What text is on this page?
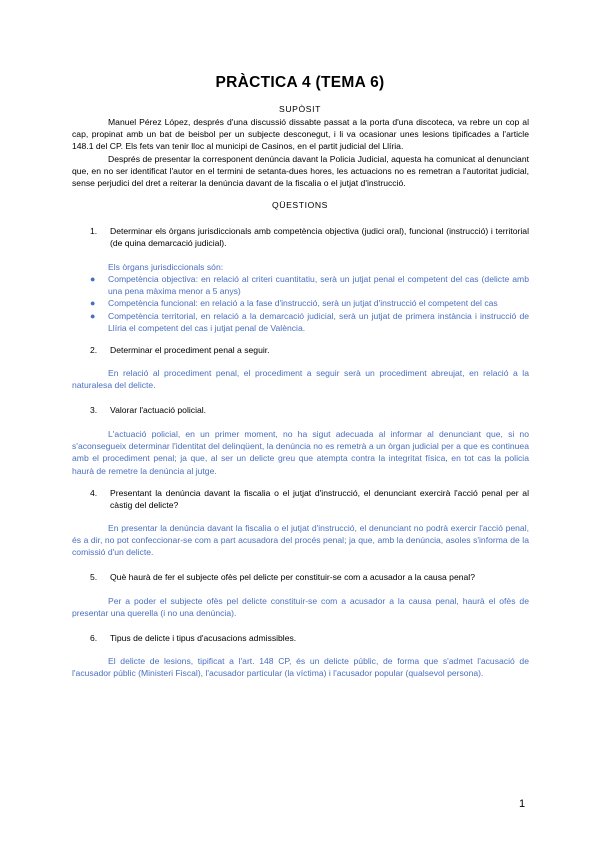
PRÀCTICA 4 (TEMA 6)
SUPÒSIT

Manuel Pérez López, després d'una discussió dissabte passat a la porta d'una discoteca, va rebre un cop al cap, propinat amb un bat de beisbol per un subjecte desconegut, i li va ocasionar unes lesions tipificades a l'article 148.1 del CP. Els fets van tenir lloc al municipi de Casinos, en el partit judicial del Llíria.

Després de presentar la corresponent denúncia davant la Policia Judicial, aquesta ha comunicat al denunciant que, en no ser identificat l'autor en el termini de setanta-dues hores, les actuacions no es remetran a l'autoritat judicial, sense perjudici del dret a reiterar la denúncia davant de la fiscalia o el jutjat d'instrucció.

QÜESTIONS
1.	Determinar els òrgans jurisdiccionals amb competència objectiva (judici oral), funcional (instrucció) i territorial (de quina demarcació judicial).

Els òrgans jurisdiccionals són:

●	Competència objectiva: en relació al criteri cuantitatiu, serà un jutjat penal el competent del cas (delicte amb una pena màxima menor a 5 anys)
●	Competència funcional: en relació a la fase d'instrucció, serà un jutjat d'instrucció el competent del cas
●	Competència territorial, en relació a la demarcació judicial, serà un jutjat de primera instància i instrucció de Llíria el competent del cas i jutjat penal de València.
2.	Determinar el procediment penal a seguir.

En relació al procediment penal, el procediment a seguir serà un procediment abreujat, en relació a la naturalesa del delicte.

3.	Valorar l'actuació policial.

L'actuació policial, en un primer moment, no ha sigut adecuada al informar al denunciant que, si no s'aconsegueix determinar l'identitat del delinqüent, la denúncia no es remetrà a un òrgan judicial per a que es continuea amb el procediment penal; ja que, al ser un delicte greu que atempta contra la integritat física, en tot cas la policia haurà de remetre la denúncia al jutge.

4.	Presentant la denúncia davant la fiscalia o el jutjat d'instrucció, el denunciant exercirà l'acció penal per al càstig del delicte?

En presentar la denúncia davant la fiscalia o el jutjat d'instrucció, el denunciant no podrà exercir l'acció penal, és a dir, no pot confeccionar-se com a part acusadora del procés penal; ja que, amb la denúncia, asoles s'informa de la comissió d'un delicte.

5.	Què haurà de fer el subjecte ofès pel delicte per constituir-se com a acusador a la causa penal?

Per a poder el subjecte ofès pel delicte constituir-se com a acusador a la causa penal, haurà el ofès de presentar una querella (i no una denúncia).

6.	Tipus de delicte i tipus d'acusacions admissibles.

El delicte de lesions, tipificat a l'art. 148 CP, és un delicte públic, de forma que s'admet l'acusació de l'acusador públic (Ministeri Fiscal), l'acusador particular (la víctima) i l'acusador popular (qualsevol persona).

1
